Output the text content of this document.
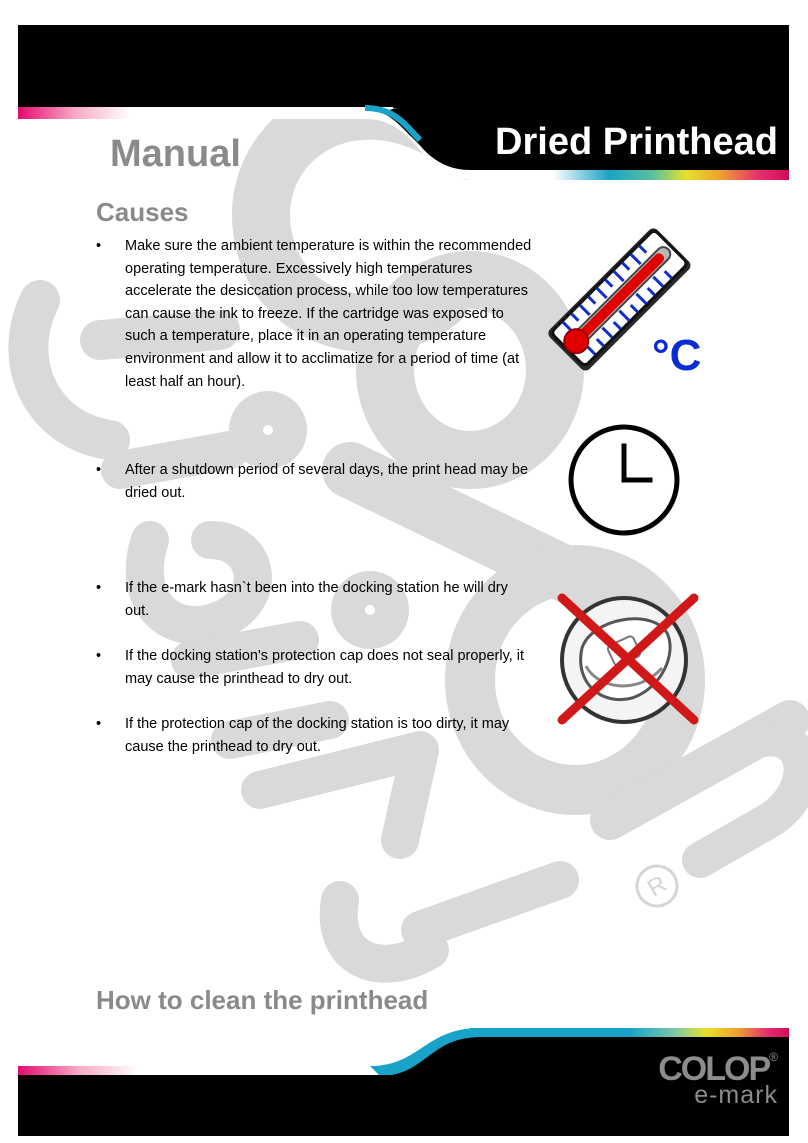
Dried Printhead
Manual
Causes
•	Make sure the ambient temperature is within the recommended operating temperature. Excessively high temperatures accelerate the desiccation process, while too low temperatures can cause the ink to freeze. If the cartridge was exposed to such a temperature, place it in an operating temperature environment and allow it to acclimatize for a period of time (at least half an hour).
•	After a shutdown period of several days, the print head may be dried out.
•	If the e-mark hasn`t been into the docking station he will dry out.
•	If the docking station's protection cap does not seal properly, it may cause the printhead to dry out.
•	If the protection cap of the docking station is too dirty, it may cause the printhead to dry out.
°C
R
How to clean the printhead
COLOP®
e-mark
